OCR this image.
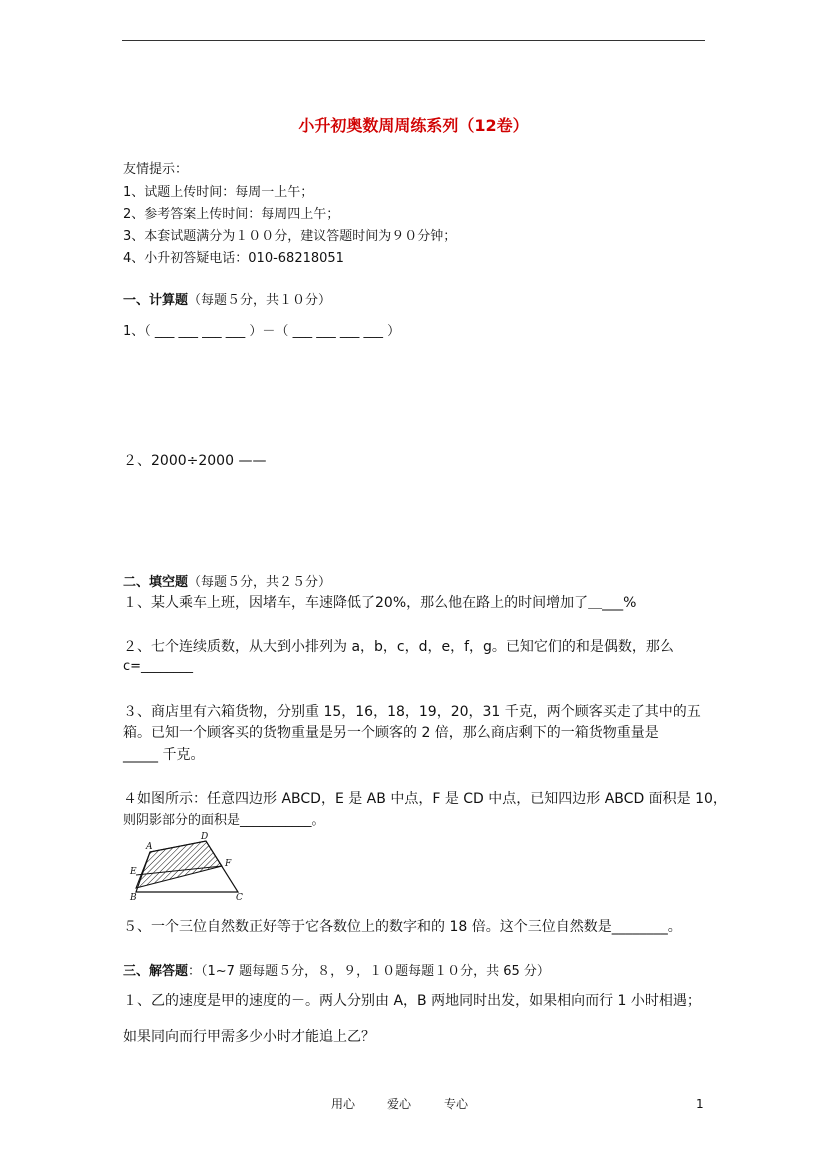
小升初奥数周周练系列（12卷）
友情提示：
1、试题上传时间：每周一上午；
2、参考答案上传时间：每周四上午；
3、本套试题满分为１００分，建议答题时间为９０分钟；
4、小升初答疑电话：010-68218051
一、计算题（每题５分，共１０分）
1、（ ___ ___ ___ ___ ）－（ ___ ___ ___ ___ ）
２、2000÷2000 ——
二、填空题（每题５分，共２５分）
１、某人乘车上班，因堵车，车速降低了20%，那么他在路上的时间增加了＿___%
２、七个连续质数，从大到小排列为 a，b，c，d，e，f，g。已知它们的和是偶数，那么
c=________
３、商店里有六箱货物，分别重 15，16，18，19，20，31 千克，两个顾客买走了其中的五
箱。已知一个顾客买的货物重量是另一个顾客的 2 倍，那么商店剩下的一箱货物重量是
_____ 千克。
４如图所示：任意四边形 ABCD，E 是 AB 中点，F 是 CD 中点，已知四边形 ABCD 面积是 10，
则阴影部分的面积是___________。
A
D
E
F
B	C
５、一个三位自然数正好等于它各数位上的数字和的 18 倍。这个三位自然数是________。
三、解答题：（1~7 题每题５分，８，９，１０题每题１０分，共 65 分）
１、乙的速度是甲的速度的－。两人分别由 A，B 两地同时出发，如果相向而行 1 小时相遇；
如果同向而行甲需多少小时才能追上乙？
用心	爱心	专心	1
